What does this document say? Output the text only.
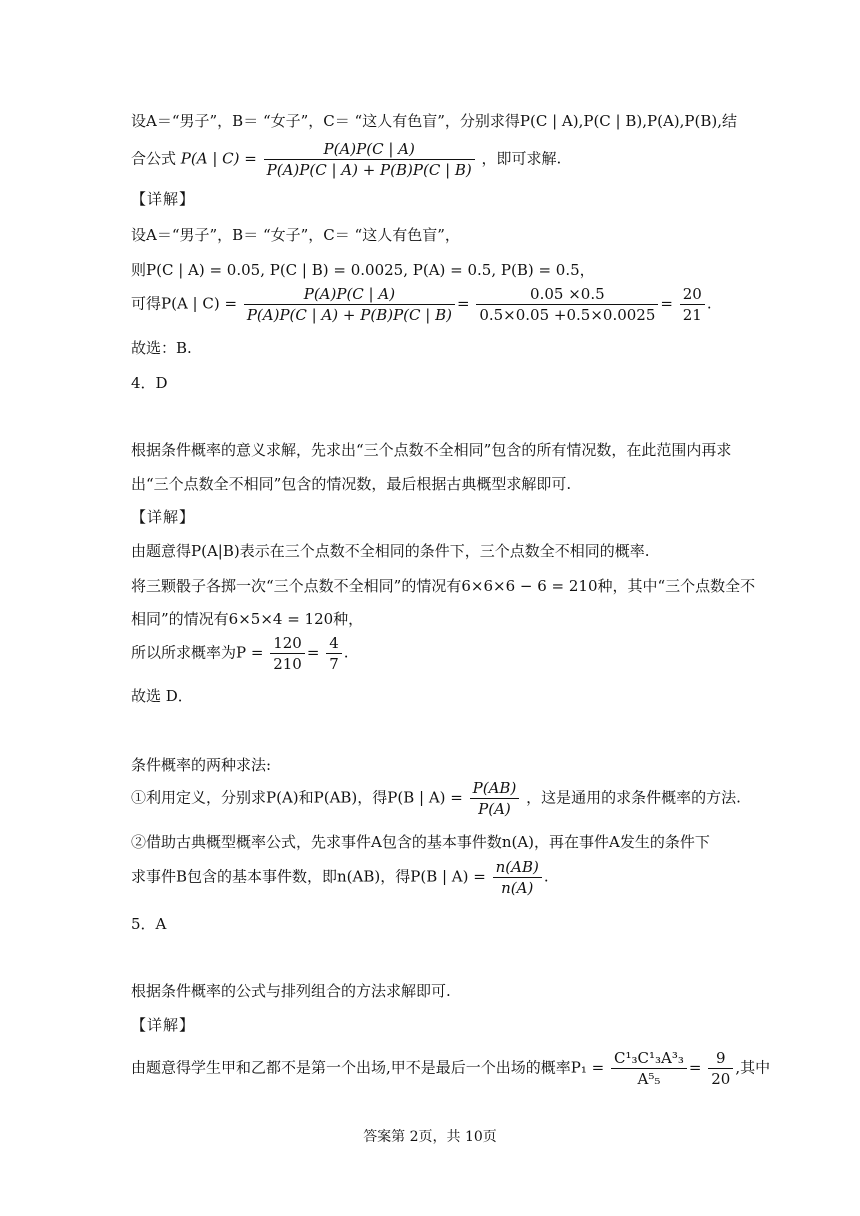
设A＝“男子”，B＝ “女子”，C＝ “这人有色盲”，分别求得P(C | A),P(C | B),P(A),P(B),结
合公式 P(A | $C) = \frac{P(A)P(C | A)}{P(A)P(C | A) + P(B)P(C | B)}$ ，即可求解.
【详解】
设A＝“男子”，B＝ “女子”，C＝ “这人有色盲”，
则P(C | A) = 0.05, P(C | B) = 0.0025, P(A) = 0.5, P(B) = 0.5，
可得P(A | $C) = \frac{P(A)P(C | A)}{P(A)P(C | A) + P(B)P(C | B)} = \frac{0.05 \times 0.5}{0.5\times 0.05 +0.5\times 0.0025} = \frac{20}{21}$ .
故选：B.
4．D
根据条件概率的意义求解，先求出“三个点数不全相同”包含的所有情况数，在此范围内再求
出“三个点数全不相同”包含的情况数，最后根据古典概型求解即可.
【详解】
由题意得P(A|B)表示在三个点数不全相同的条件下，三个点数全不相同的概率.
将三颗骰子各掷一次“三个点数不全相同”的情况有6×6×6 − 6 = 210种，其中“三个点数全不
相同”的情况有6×5×4 = 120种，
所以所求概率为$P = \frac{120}{210} = \frac{4}{7}$ .
故选 D．
条件概率的两种求法:
①利用定义，分别求P(A)和P(AB)，得P(B | $A) = \frac{P(AB)}{P(A)}$ ，这是通用的求条件概率的方法.
②借助古典概型概率公式，先求事件A包含的基本事件数n(A)，再在事件A发生的条件下
求事件B包含的基本事件数，即n(AB)，得P(B | $A) = \frac{n(AB)}{n(A)}$ .
5．A
根据条件概率的公式与排列组合的方法求解即可.
【详解】
由题意得学生甲和乙都不是第一个出场,甲不是最后一个出场的概率$P_1 = \frac{\text{C¹₃C¹₃A³₃}}{\text{A⁵₅}} = \frac{9}{20}$ ,其中
答案第 2页，共 10页
